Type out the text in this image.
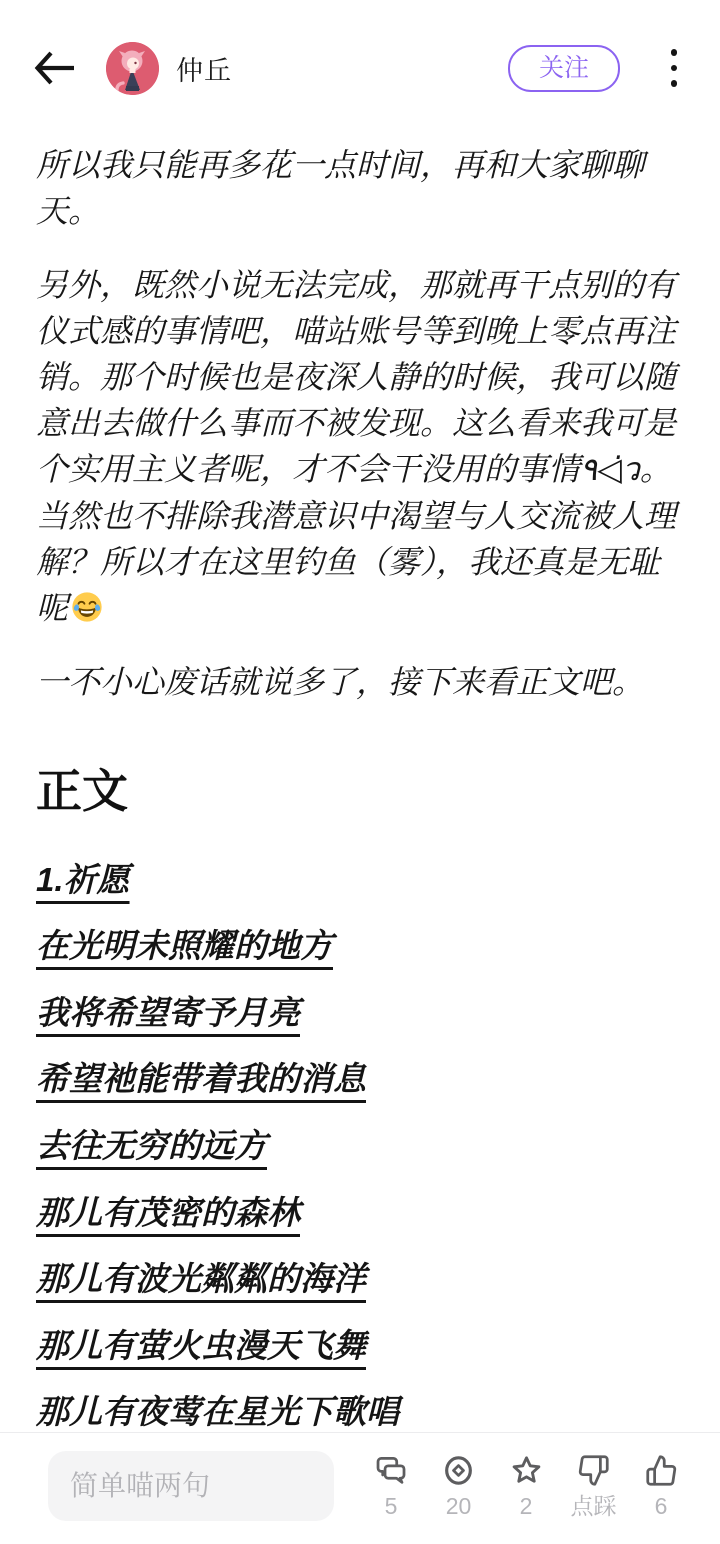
仲丘	关注

所以我只能再多花一点时间，再和大家聊聊天。

另外，既然小说无法完成，那就再干点别的有仪式感的事情吧，喵站账号等到晚上零点再注销。那个时候也是夜深人静的时候，我可以随意出去做什么事而不被发现。这么看来我可是个实用主义者呢，才不会干没用的事情٩◁̇ว。当然也不排除我潜意识中渴望与人交流被人理解？所以才在这里钓鱼（雾），我还真是无耻呢

一不小心废话就说多了，接下来看正文吧。

正文

1.祈愿

在光明未照耀的地方

我将希望寄予月亮

希望祂能带着我的消息

去往无穷的远方

那儿有茂密的森林

那儿有波光粼粼的海洋

那儿有萤火虫漫天飞舞

那儿有夜莺在星光下歌唱

简单喵两句
5 20 2 点踩 6
